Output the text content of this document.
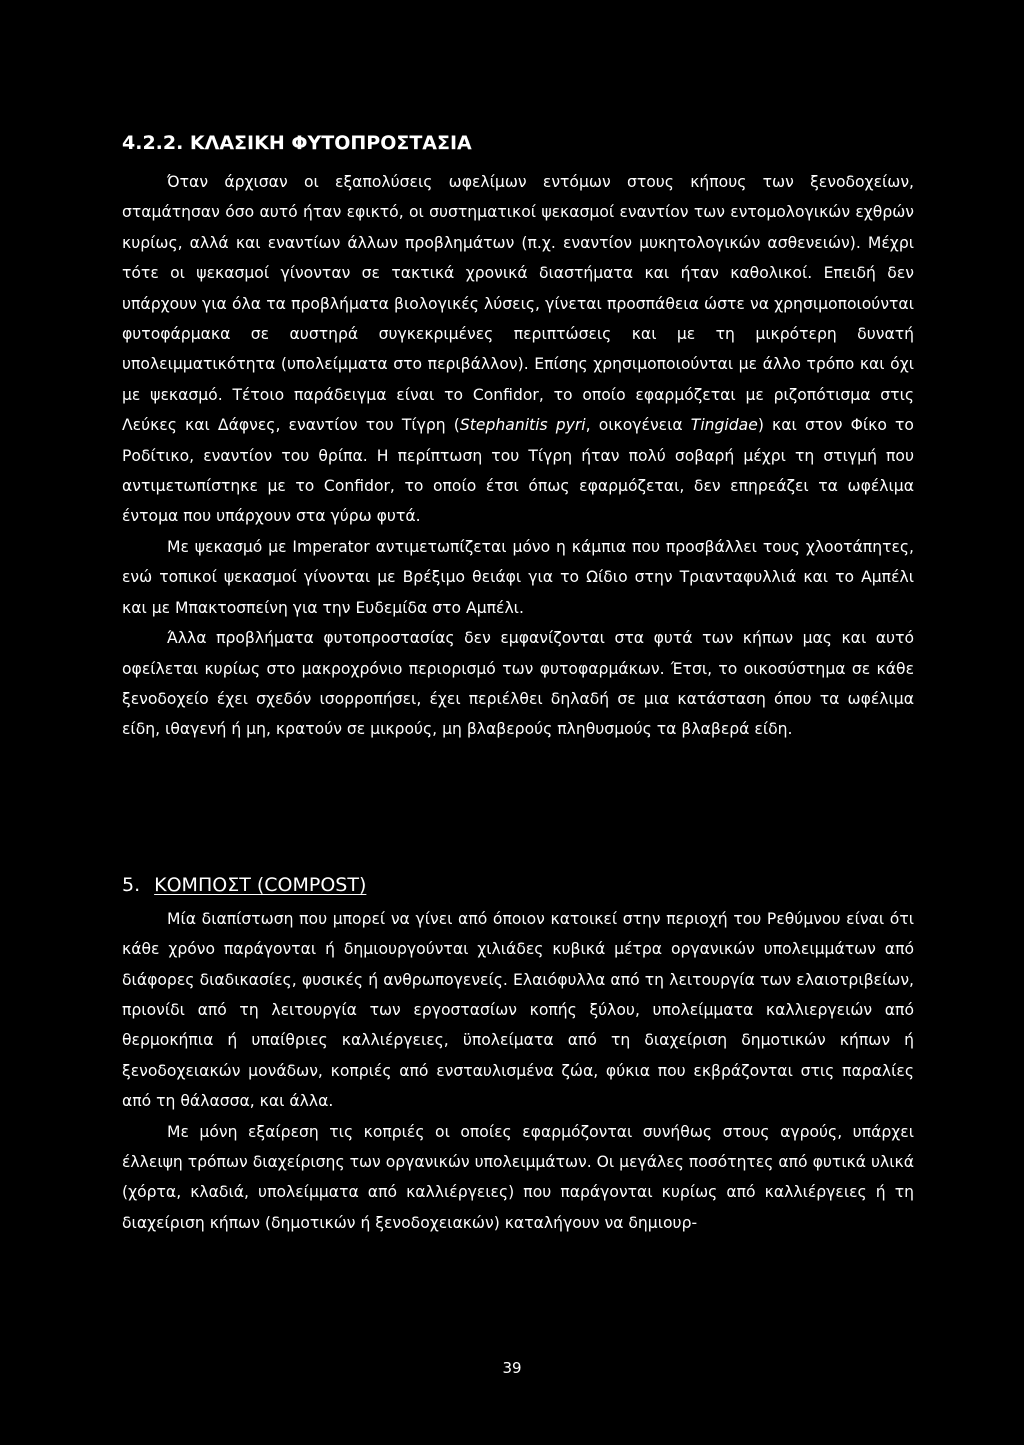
4.2.2. ΚΛΑΣΙΚΗ ΦΥΤΟΠΡΟΣΤΑΣΙΑ

Όταν άρχισαν οι εξαπολύσεις ωφελίμων εντόμων στους κήπους των ξενοδοχείων, σταμάτησαν όσο αυτό ήταν εφικτό, οι συστηματικοί ψεκασμοί εναντίον των εντομολογικών εχθρών κυρίως, αλλά και εναντίων άλλων προβλημάτων (π.χ. εναντίον μυκητολογικών ασθενειών). Μέχρι τότε οι ψεκασμοί γίνονταν σε τακτικά χρονικά διαστήματα και ήταν καθολικοί. Επειδή δεν υπάρχουν για όλα τα προβλήματα βιολογικές λύσεις, γίνεται προσπάθεια ώστε να χρησιμοποιούνται φυτοφάρμακα σε αυστηρά συγκεκριμένες περιπτώσεις και με τη μικρότερη δυνατή υπολειμματικότητα (υπολείμματα στο περιβάλλον). Επίσης χρησιμοποιούνται με άλλο τρόπο και όχι με ψεκασμό. Τέτοιο παράδειγμα είναι το Confidor, το οποίο εφαρμόζεται με ριζοπότισμα στις Λεύκες και Δάφνες, εναντίον του Τίγρη (Stephanitis pyri, οικογένεια Tingidae) και στον Φίκο το Ροδίτικο, εναντίον του θρίπα. Η περίπτωση του Τίγρη ήταν πολύ σοβαρή μέχρι τη στιγμή που αντιμετωπίστηκε με το Confidor, το οποίο έτσι όπως εφαρμόζεται, δεν επηρεάζει τα ωφέλιμα έντομα που υπάρχουν στα γύρω φυτά.

Με ψεκασμό με Imperator αντιμετωπίζεται μόνο η κάμπια που προσβάλλει τους χλοοτάπητες, ενώ τοπικοί ψεκασμοί γίνονται με Βρέξιμο θειάφι για το Ωίδιο στην Τριανταφυλλιά και το Αμπέλι και με Μπακτοσπείνη για την Ευδεμίδα στο Αμπέλι.

Άλλα προβλήματα φυτοπροστασίας δεν εμφανίζονται στα φυτά των κήπων μας και αυτό οφείλεται κυρίως στο μακροχρόνιο περιορισμό των φυτοφαρμάκων. Έτσι, το οικοσύστημα σε κάθε ξενοδοχείο έχει σχεδόν ισορροπήσει, έχει περιέλθει δηλαδή σε μια κατάσταση όπου τα ωφέλιμα είδη, ιθαγενή ή μη, κρατούν σε μικρούς, μη βλαβερούς πληθυσμούς τα βλαβερά είδη.

5. ΚΟΜΠΟΣΤ (COMPOST)

Μία διαπίστωση που μπορεί να γίνει από όποιον κατοικεί στην περιοχή του Ρεθύμνου είναι ότι κάθε χρόνο παράγονται ή δημιουργούνται χιλιάδες κυβικά μέτρα οργανικών υπολειμμάτων από διάφορες διαδικασίες, φυσικές ή ανθρωπογενείς. Ελαιόφυλλα από τη λειτουργία των ελαιοτριβείων, πριονίδι από τη λειτουργία των εργοστασίων κοπής ξύλου, υπολείμματα καλλιεργειών από θερμοκήπια ή υπαίθριες καλλιέργειες, ϋπολείματα από τη διαχείριση δημοτικών κήπων ή ξενοδοχειακών μονάδων, κοπριές από ενσταυλισμένα ζώα, φύκια που εκβράζονται στις παραλίες από τη θάλασσα, και άλλα.

Με μόνη εξαίρεση τις κοπριές οι οποίες εφαρμόζονται συνήθως στους αγρούς, υπάρχει έλλειψη τρόπων διαχείρισης των οργανικών υπολειμμάτων. Οι μεγάλες ποσότητες από φυτικά υλικά (χόρτα, κλαδιά, υπολείμματα από καλλιέργειες) που παράγονται κυρίως από καλλιέργειες ή τη διαχείριση κήπων (δημοτικών ή ξενοδοχειακών) καταλήγουν να δημιουρ-

39
